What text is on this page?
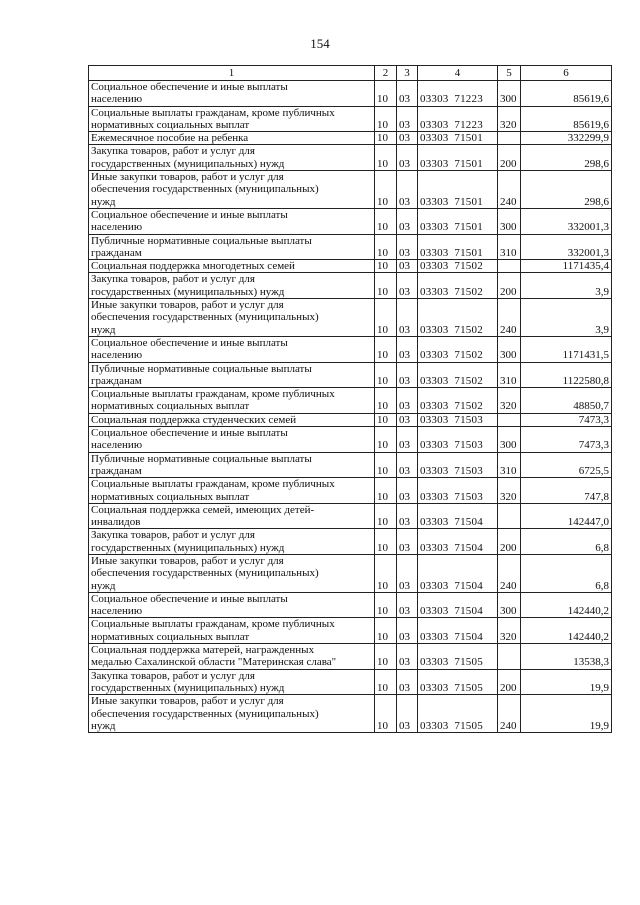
154
1	2	3	4	5	6

Социальное обеспечение и иные выплаты
населению	10	03	03303  71223	300	85619,6

Социальные выплаты гражданам, кроме публичных
нормативных социальных выплат	10	03	03303  71223	320	85619,6

Ежемесячное пособие на ребенка	10	03	03303  71501		332299,9

Закупка товаров, работ и услуг для
государственных (муниципальных) нужд	10	03	03303  71501	200	298,6

Иные закупки товаров, работ и услуг для
обеспечения государственных (муниципальных)
нужд	10	03	03303  71501	240	298,6

Социальное обеспечение и иные выплаты
населению	10	03	03303  71501	300	332001,3

Публичные нормативные социальные выплаты
гражданам	10	03	03303  71501	310	332001,3

Социальная поддержка многодетных семей	10	03	03303  71502		1171435,4

Закупка товаров, работ и услуг для
государственных (муниципальных) нужд	10	03	03303  71502	200	3,9

Иные закупки товаров, работ и услуг для
обеспечения государственных (муниципальных)
нужд	10	03	03303  71502	240	3,9

Социальное обеспечение и иные выплаты
населению	10	03	03303  71502	300	1171431,5

Публичные нормативные социальные выплаты
гражданам	10	03	03303  71502	310	1122580,8

Социальные выплаты гражданам, кроме публичных
нормативных социальных выплат	10	03	03303  71502	320	48850,7

Социальная поддержка студенческих семей	10	03	03303  71503		7473,3

Социальное обеспечение и иные выплаты
населению	10	03	03303  71503	300	7473,3

Публичные нормативные социальные выплаты
гражданам	10	03	03303  71503	310	6725,5

Социальные выплаты гражданам, кроме публичных
нормативных социальных выплат	10	03	03303  71503	320	747,8

Социальная поддержка семей, имеющих детей-
инвалидов	10	03	03303  71504		142447,0

Закупка товаров, работ и услуг для
государственных (муниципальных) нужд	10	03	03303  71504	200	6,8

Иные закупки товаров, работ и услуг для
обеспечения государственных (муниципальных)
нужд	10	03	03303  71504	240	6,8

Социальное обеспечение и иные выплаты
населению	10	03	03303  71504	300	142440,2

Социальные выплаты гражданам, кроме публичных
нормативных социальных выплат	10	03	03303  71504	320	142440,2

Социальная поддержка матерей, награжденных
медалью Сахалинской области "Материнская слава"	10	03	03303  71505		13538,3

Закупка товаров, работ и услуг для
государственных (муниципальных) нужд	10	03	03303  71505	200	19,9

Иные закупки товаров, работ и услуг для
обеспечения государственных (муниципальных)
нужд	10	03	03303  71505	240	19,9
